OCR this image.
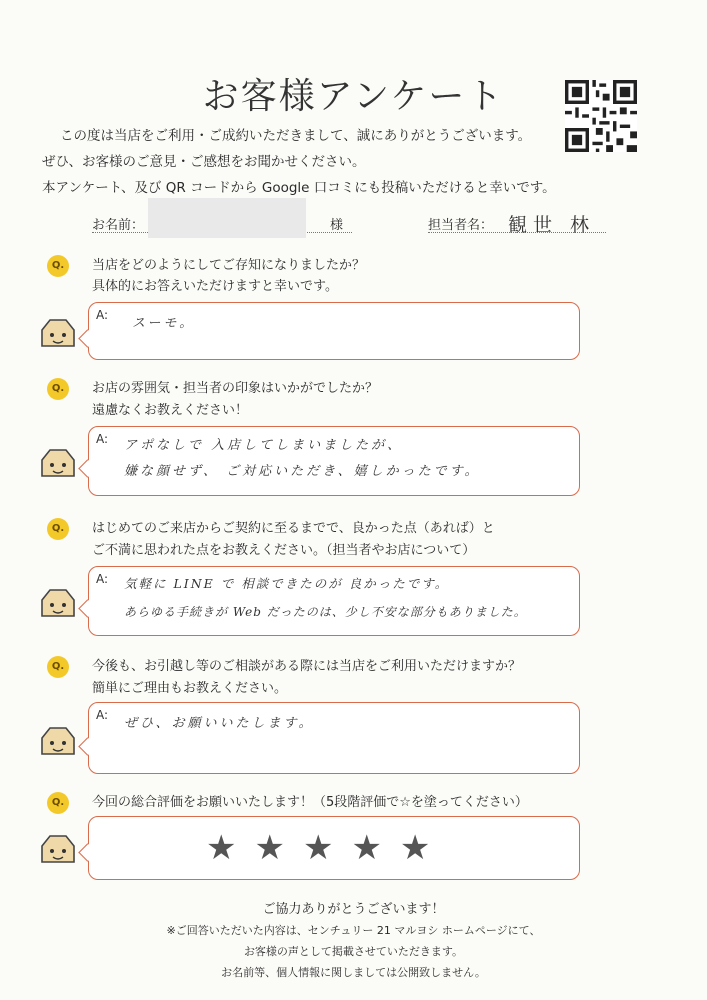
お客様アンケート
この度は当店をご利用・ご成約いただきまして、誠にありがとうございます。
ぜひ、お客様のご意見・ご感想をお聞かせください。
本アンケート、及び QR コードから Google 口コミにも投稿いただけると幸いです。
お名前：	様	担当者名： 観世 林
Q.	当店をどのようにしてご存知になりましたか？
具体的にお答えいただけますと幸いです。
A:
スーモ。
Q.	お店の雰囲気・担当者の印象はいかがでしたか？
遠慮なくお教えください！
A: アポなしで 入店してしまいましたが、
嫌な顔せず、 ご対応いただき、嬉しかったです。
Q.	はじめてのご来店からご契約に至るまでで、良かった点（あれば）と
ご不満に思われた点をお教えください。（担当者やお店について）
A: 気軽に LINE で 相談できたのが 良かったです。
あらゆる手続きが Web だったのは、少し不安な部分もありました。
Q.	今後も、お引越し等のご相談がある際には当店をご利用いただけますか？
簡単にご理由もお教えください。
A:
ぜひ、お願いいたします。
Q.	今回の総合評価をお願いいたします！（5段階評価で☆を塗ってください）
★★★★★
ご協力ありがとうございます！
※ご回答いただいた内容は、センチュリー 21 マルヨシ ホームページにて、
お客様の声として掲載させていただきます。
お名前等、個人情報に関しましては公開致しません。
